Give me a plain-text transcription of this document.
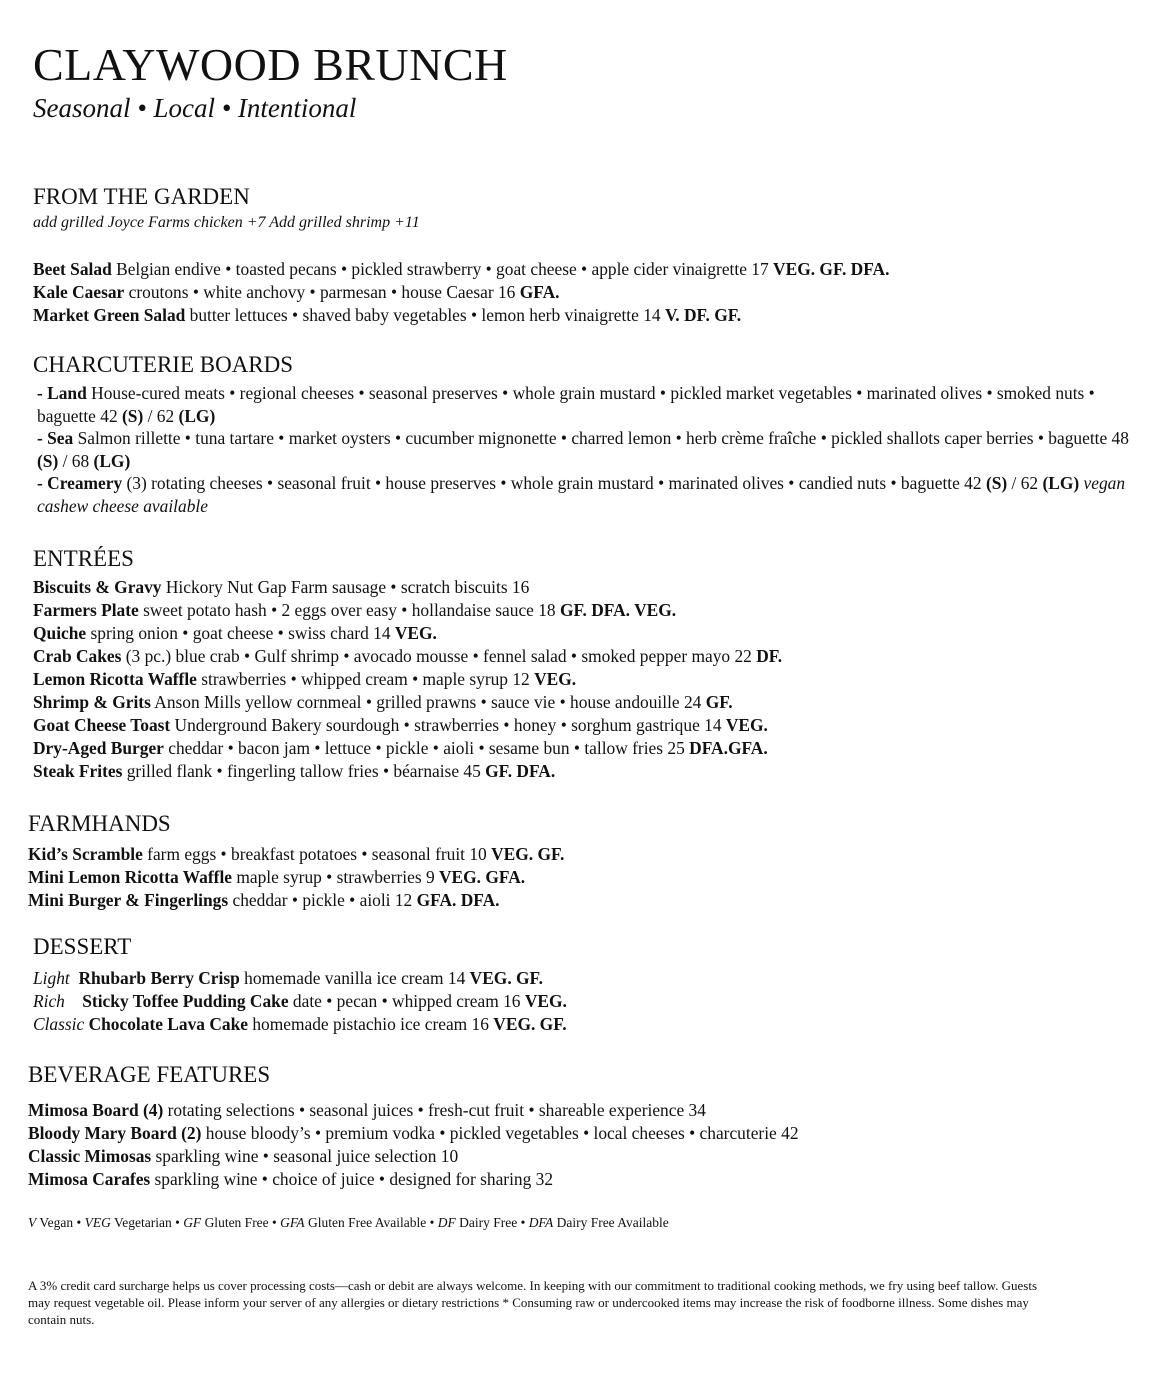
CLAYWOOD BRUNCH
Seasonal • Local • Intentional
FROM THE GARDEN
add grilled Joyce Farms chicken +7 Add grilled shrimp +11
Beet Salad Belgian endive • toasted pecans • pickled strawberry • goat cheese • apple cider vinaigrette 17 VEG. GF. DFA.
Kale Caesar croutons • white anchovy • parmesan • house Caesar 16 GFA.
Market Green Salad butter lettuces • shaved baby vegetables • lemon herb vinaigrette 14 V. DF. GF.
CHARCUTERIE BOARDS
- Land House-cured meats • regional cheeses • seasonal preserves • whole grain mustard • pickled market vegetables • marinated olives • smoked nuts • baguette 42 (S) / 62 (LG)
- Sea Salmon rillette • tuna tartare • market oysters • cucumber mignonette • charred lemon • herb crème fraîche • pickled shallots caper berries • baguette 48 (S) / 68 (LG)
- Creamery (3) rotating cheeses • seasonal fruit • house preserves • whole grain mustard • marinated olives • candied nuts • baguette 42 (S) / 62 (LG) vegan cashew cheese available
ENTRÉES
Biscuits & Gravy Hickory Nut Gap Farm sausage • scratch biscuits 16
Farmers Plate sweet potato hash • 2 eggs over easy • hollandaise sauce 18 GF. DFA. VEG.
Quiche spring onion • goat cheese • swiss chard 14 VEG.
Crab Cakes (3 pc.) blue crab • Gulf shrimp • avocado mousse • fennel salad • smoked pepper mayo 22 DF.
Lemon Ricotta Waffle strawberries • whipped cream • maple syrup 12 VEG.
Shrimp & Grits Anson Mills yellow cornmeal • grilled prawns • sauce vie • house andouille 24 GF.
Goat Cheese Toast Underground Bakery sourdough • strawberries • honey • sorghum gastrique 14 VEG.
Dry-Aged Burger cheddar • bacon jam • lettuce • pickle • aioli • sesame bun • tallow fries 25 DFA.GFA.
Steak Frites grilled flank • fingerling tallow fries • béarnaise 45 GF. DFA.
FARMHANDS
Kid’s Scramble farm eggs • breakfast potatoes • seasonal fruit 10 VEG. GF.
Mini Lemon Ricotta Waffle maple syrup • strawberries 9 VEG. GFA.
Mini Burger & Fingerlings cheddar • pickle • aioli 12 GFA. DFA.
DESSERT
Light Rhubarb Berry Crisp homemade vanilla ice cream 14 VEG. GF.
Rich Sticky Toffee Pudding Cake date • pecan • whipped cream 16 VEG.
Classic Chocolate Lava Cake homemade pistachio ice cream 16 VEG. GF.
BEVERAGE FEATURES
Mimosa Board (4) rotating selections • seasonal juices • fresh-cut fruit • shareable experience 34
Bloody Mary Board (2) house bloody’s • premium vodka • pickled vegetables • local cheeses • charcuterie 42
Classic Mimosas sparkling wine • seasonal juice selection 10
Mimosa Carafes sparkling wine • choice of juice • designed for sharing 32
V Vegan • VEG Vegetarian • GF Gluten Free • GFA Gluten Free Available • DF Dairy Free • DFA Dairy Free Available
A 3% credit card surcharge helps us cover processing costs—cash or debit are always welcome. In keeping with our commitment to traditional cooking methods, we fry using beef tallow. Guests may request vegetable oil. Please inform your server of any allergies or dietary restrictions * Consuming raw or undercooked items may increase the risk of foodborne illness. Some dishes may contain nuts.
